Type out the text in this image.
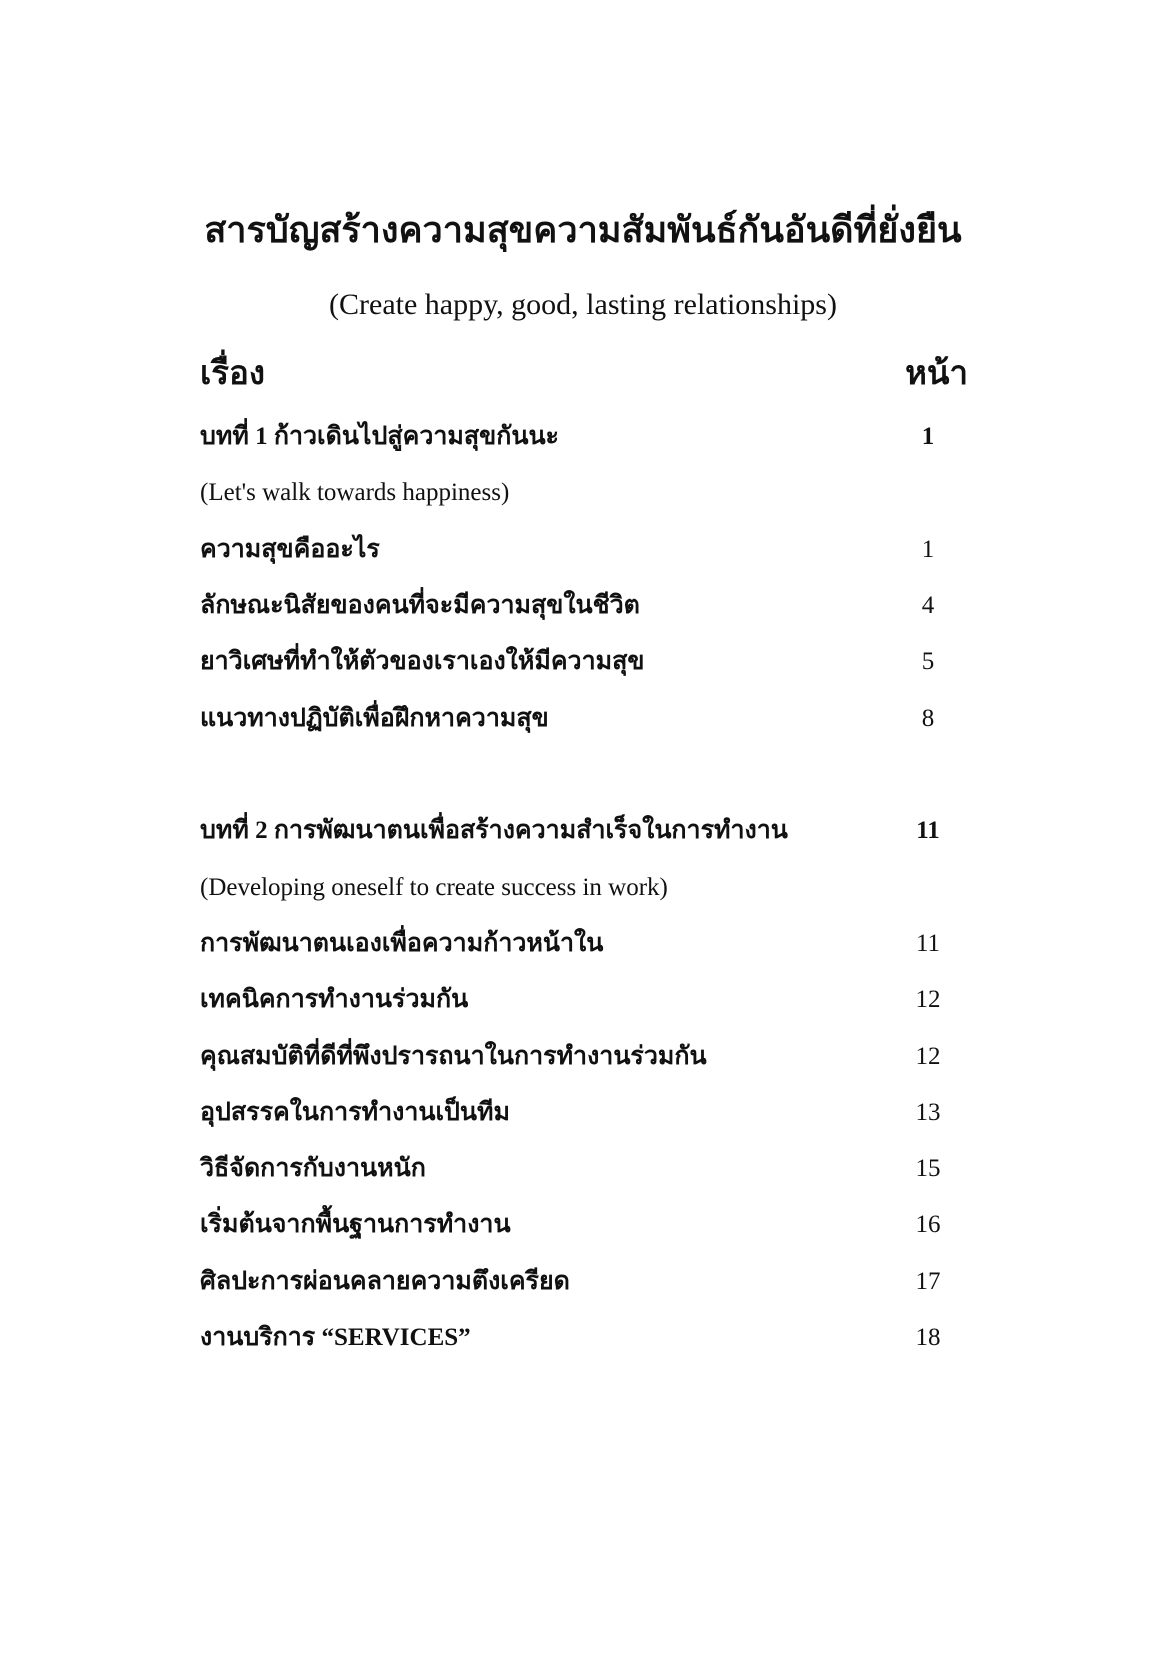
สารบัญสร้างความสุขความสัมพันธ์กันอันดีที่ยั่งยืน
(Create happy, good, lasting relationships)
เรื่อง	หน้า
บทที่ 1 ก้าวเดินไปสู่ความสุขกันนะ	1
(Let's walk towards happiness)
ความสุขคืออะไร	1
ลักษณะนิสัยของคนที่จะมีความสุขในชีวิต	4
ยาวิเศษที่ทำให้ตัวของเราเองให้มีความสุข	5
แนวทางปฏิบัติเพื่อฝึกหาความสุข	8
บทที่ 2 การพัฒนาตนเพื่อสร้างความสำเร็จในการทำงาน	11
(Developing oneself to create success in work)
การพัฒนาตนเองเพื่อความก้าวหน้าใน	11
เทคนิคการทำงานร่วมกัน	12
คุณสมบัติที่ดีที่พึงปรารถนาในการทำงานร่วมกัน	12
อุปสรรคในการทำงานเป็นทีม	13
วิธีจัดการกับงานหนัก	15
เริ่มต้นจากพื้นฐานการทำงาน	16
ศิลปะการผ่อนคลายความตึงเครียด	17
งานบริการ “SERVICES”	18
